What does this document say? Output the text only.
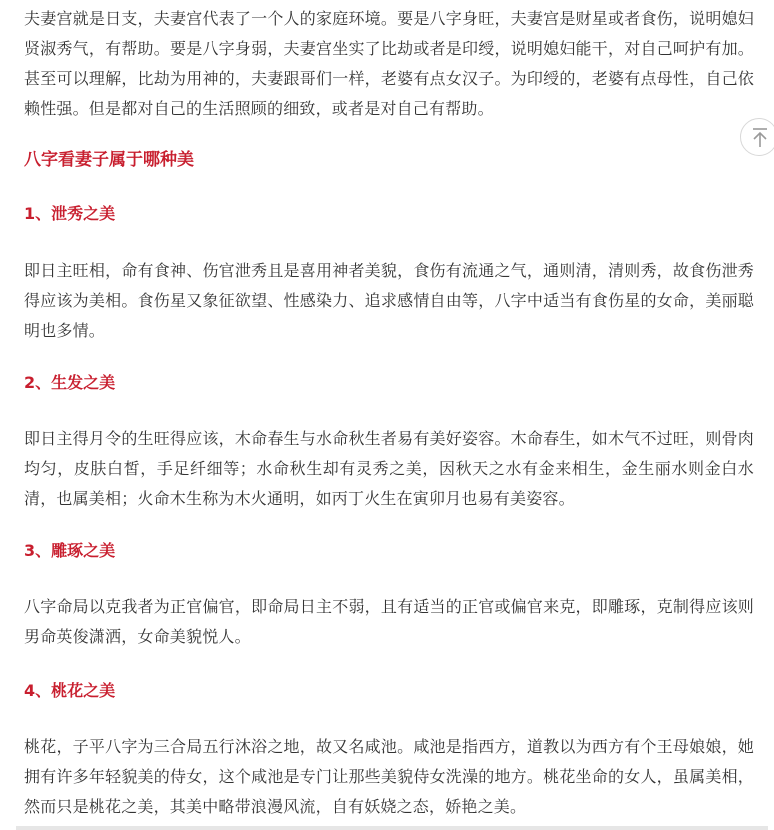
夫妻宫就是日支，夫妻宫代表了一个人的家庭环境。要是八字身旺，夫妻宫是财星或者食伤，说明媳妇贤淑秀气，有帮助。要是八字身弱，夫妻宫坐实了比劫或者是印绶，说明媳妇能干，对自己呵护有加。甚至可以理解，比劫为用神的，夫妻跟哥们一样，老婆有点女汉子。为印绶的，老婆有点母性，自己依赖性强。但是都对自己的生活照顾的细致，或者是对自己有帮助。

八字看妻子属于哪种美
1、泄秀之美

即日主旺相，命有食神、伤官泄秀且是喜用神者美貌，食伤有流通之气，通则清，清则秀，故食伤泄秀得应该为美相。食伤星又象征欲望、性感染力、追求感情自由等，八字中适当有食伤星的女命，美丽聪明也多情。

2、生发之美

即日主得月令的生旺得应该，木命春生与水命秋生者易有美好姿容。木命春生，如木气不过旺，则骨肉均匀，皮肤白皙，手足纤细等；水命秋生却有灵秀之美，因秋天之水有金来相生，金生丽水则金白水清，也属美相；火命木生称为木火通明，如丙丁火生在寅卯月也易有美姿容。

3、雕琢之美

八字命局以克我者为正官偏官，即命局日主不弱，且有适当的正官或偏官来克，即雕琢，克制得应该则男命英俊潇洒，女命美貌悦人。

4、桃花之美

桃花，子平八字为三合局五行沐浴之地，故又名咸池。咸池是指西方，道教以为西方有个王母娘娘，她拥有许多年轻貌美的侍女，这个咸池是专门让那些美貌侍女洗澡的地方。桃花坐命的女人，虽属美相，然而只是桃花之美，其美中略带浪漫风流，自有妖娆之态，娇艳之美。
